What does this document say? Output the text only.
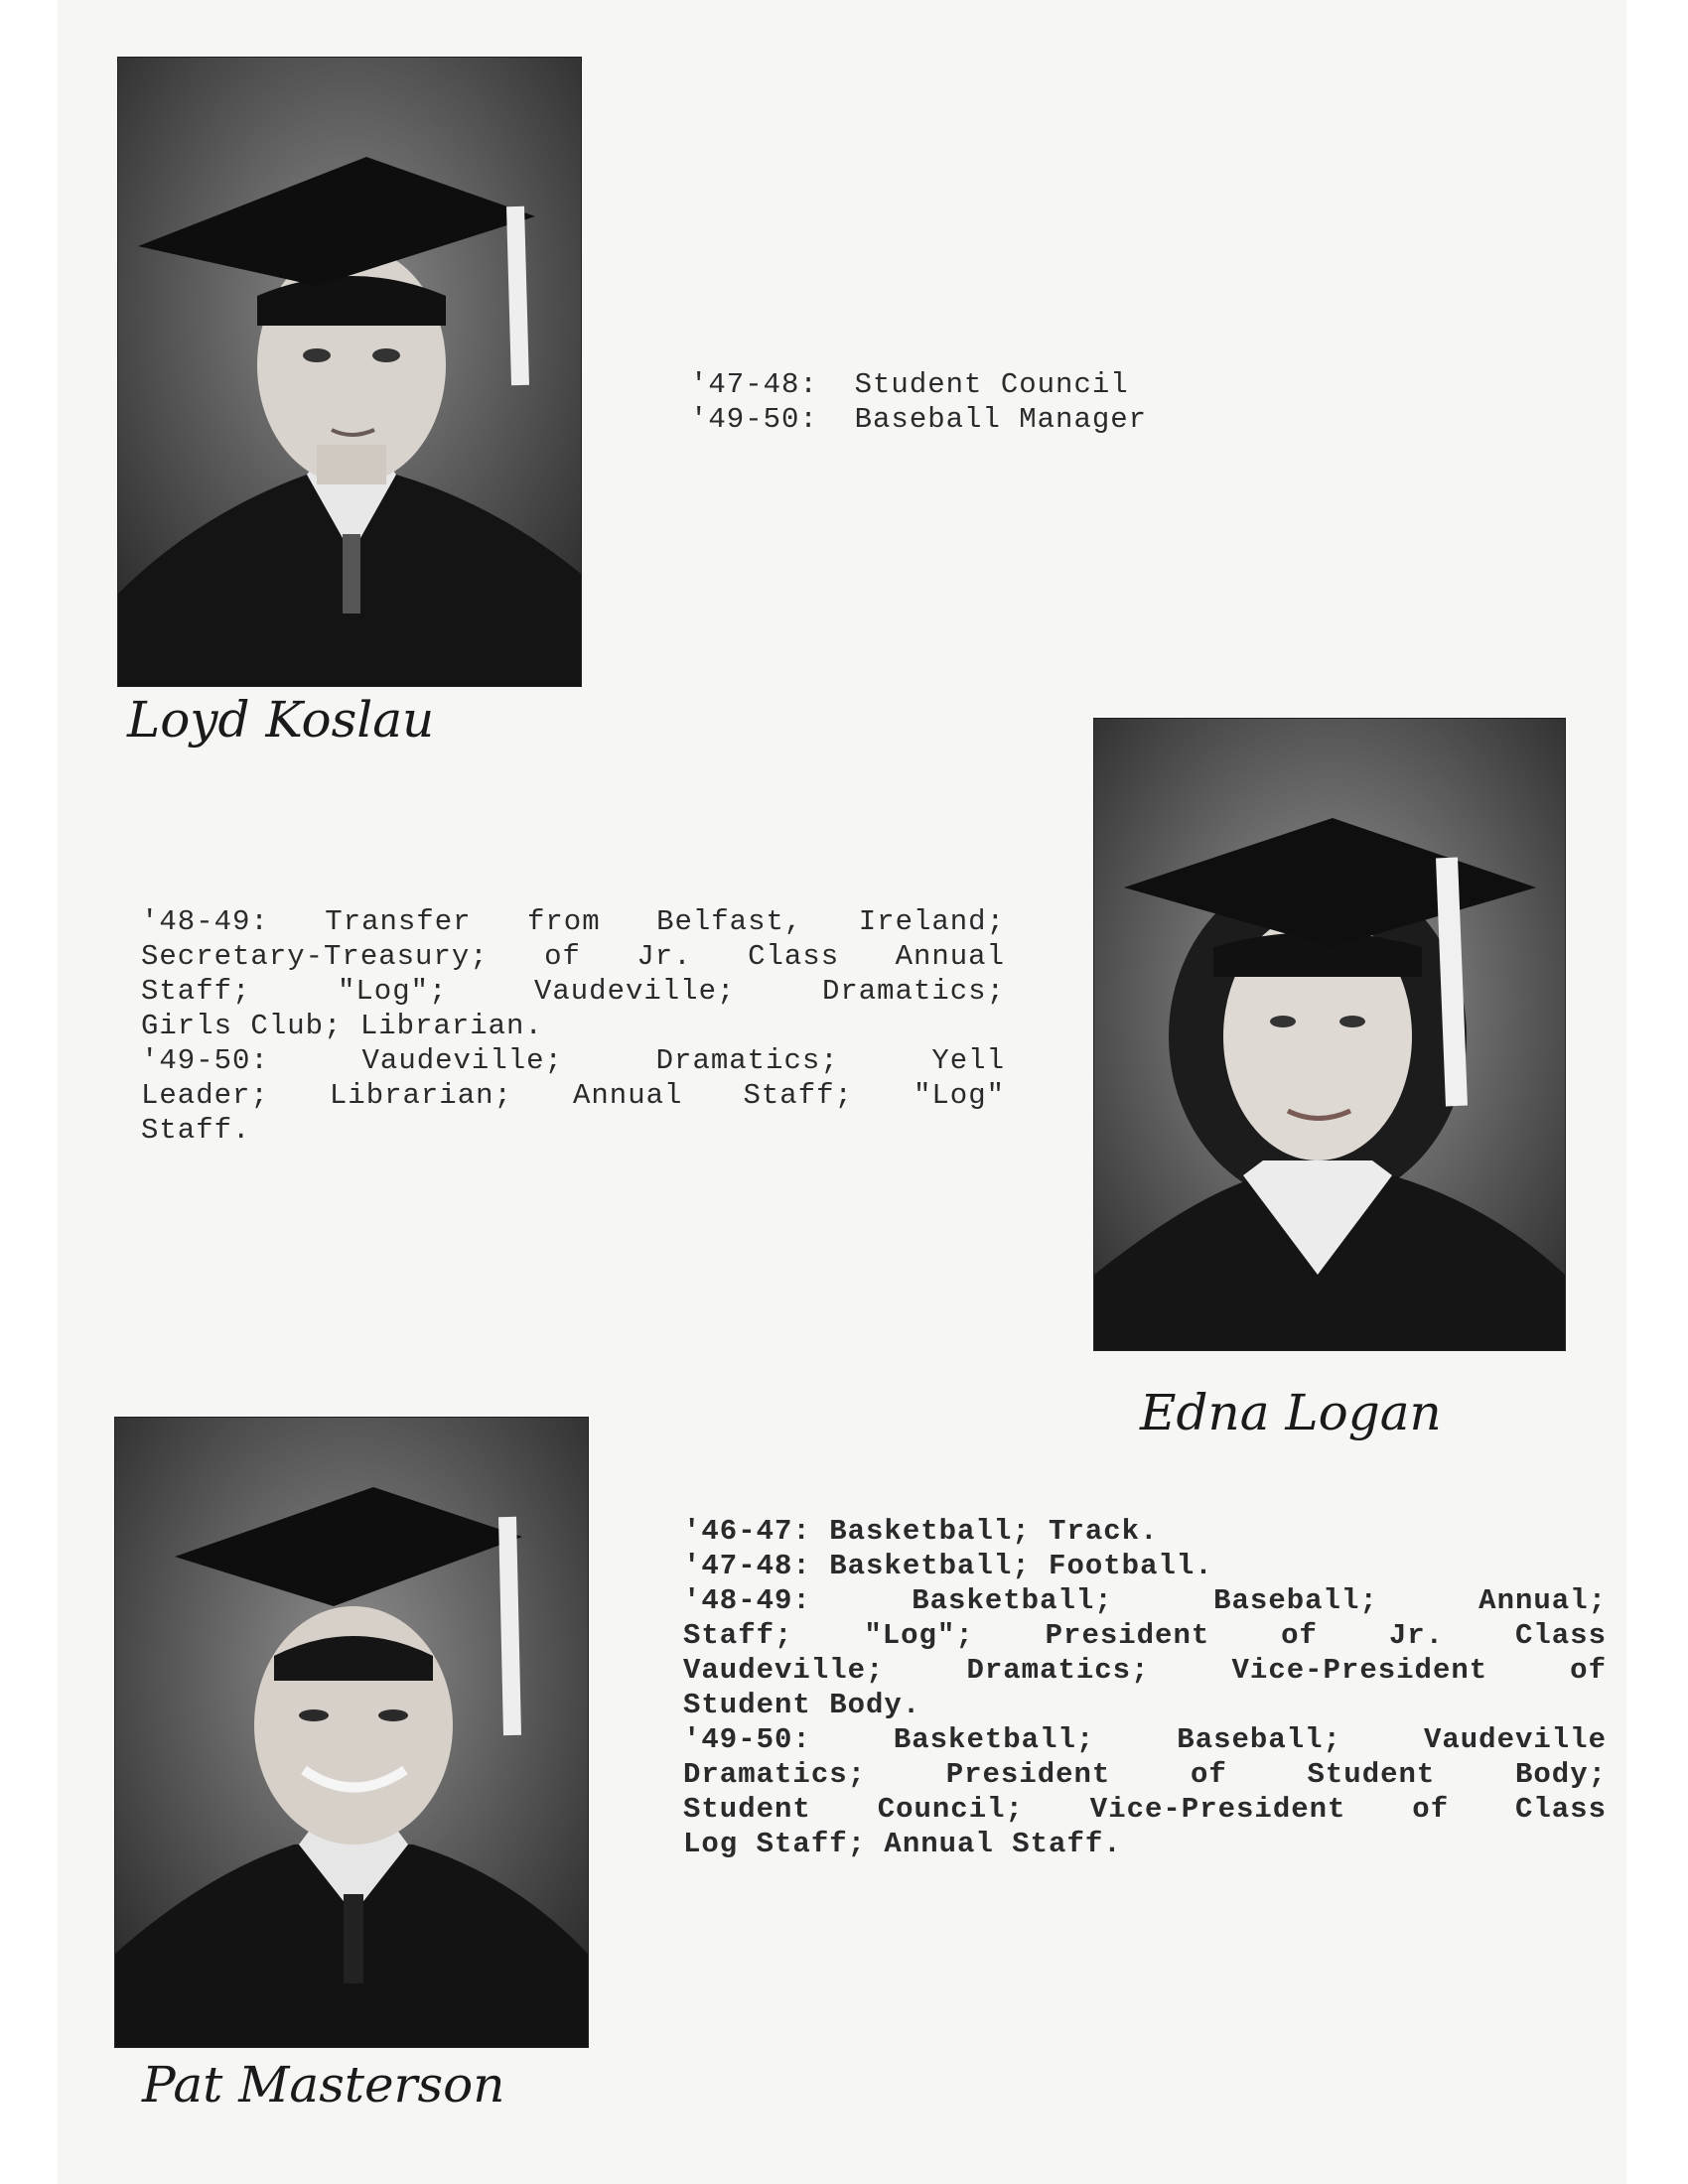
Loyd Koslau
'47-48:  Student Council
'49-50:  Baseball Manager
'48-49: Transfer from Belfast, Ireland;
Secretary-Treasury; of Jr. Class Annual
Staff; "Log"; Vaudeville; Dramatics;
Girls Club; Librarian.
'49-50: Vaudeville; Dramatics; Yell
Leader; Librarian; Annual Staff; "Log"
Staff.
Edna Logan
Pat Masterson
'46-47: Basketball; Track.
'47-48: Basketball; Football.
'48-49: Basketball; Baseball; Annual;
Staff; "Log"; President of Jr. Class
Vaudeville; Dramatics; Vice-President of
Student Body.
'49-50: Basketball; Baseball; Vaudeville
Dramatics; President of Student Body;
Student Council; Vice-President of Class
Log Staff; Annual Staff.
